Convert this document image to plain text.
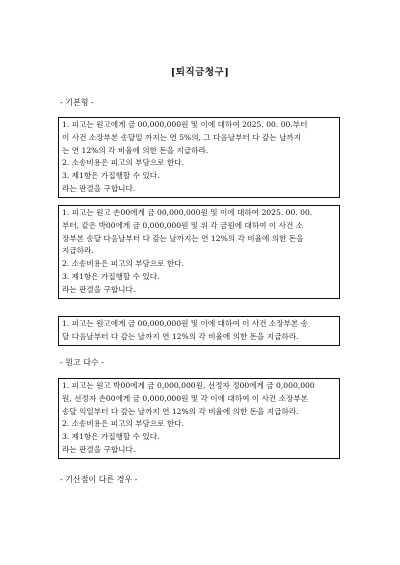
[퇴직금청구]
- 기본형 -
1. 피고는 원고에게 금 00,000,000원 및 이에 대하여 2025. 00. 00.부터
이 사건 소장부본 송달일 까지는 연 5%의, 그 다음날부터 다 갚는 날까지
는 연 12%의 각 비율에 의한 돈을 지급하라.
2. 소송비용은 피고의 부담으로 한다.
3. 제1항은 가집행할 수 있다.
라는 판결을 구합니다.
1. 피고는 원고 손00에게 금 00,000,000원 및 이에 대하여 2025. 00. 00.
부터, 같은 박00에게 금 0,000,000원 및 위 각 금원에 대하여 이 사건 소
장부본 송달 다음날부터 다 갚는 날까지는 연 12%의 각 비율에 의한 돈을
지급하라.
2. 소송비용은 피고의 부담으로 한다.
3. 제1항은 가집행할 수 있다.
라는 판결을 구합니다.
1. 피고는 원고에게 금 00,000,000원 및 이에 대하여 이 사건 소장부본 송
달 다음날부터 다 갚는 날까지 연 12%의 각 비율에 의한 돈을 지급하라.
- 원고 다수 -
1. 피고는 원고 박00에게 금 0,000,000원, 선정자 정00에게 금 0,000,000
원, 선정자 손00에게 금 0,000,000원 및 각 이에 대하여 이 사건 소장부본
송달 익일부터 다 갚는 날까지 연 12%의 각 비율에 의한 돈을 지급하라.
2. 소송비용은 피고의 부담으로 한다.
3. 제1항은 가집행할 수 있다.
라는 판결을 구합니다.
- 기산점이 다른 경우 -
